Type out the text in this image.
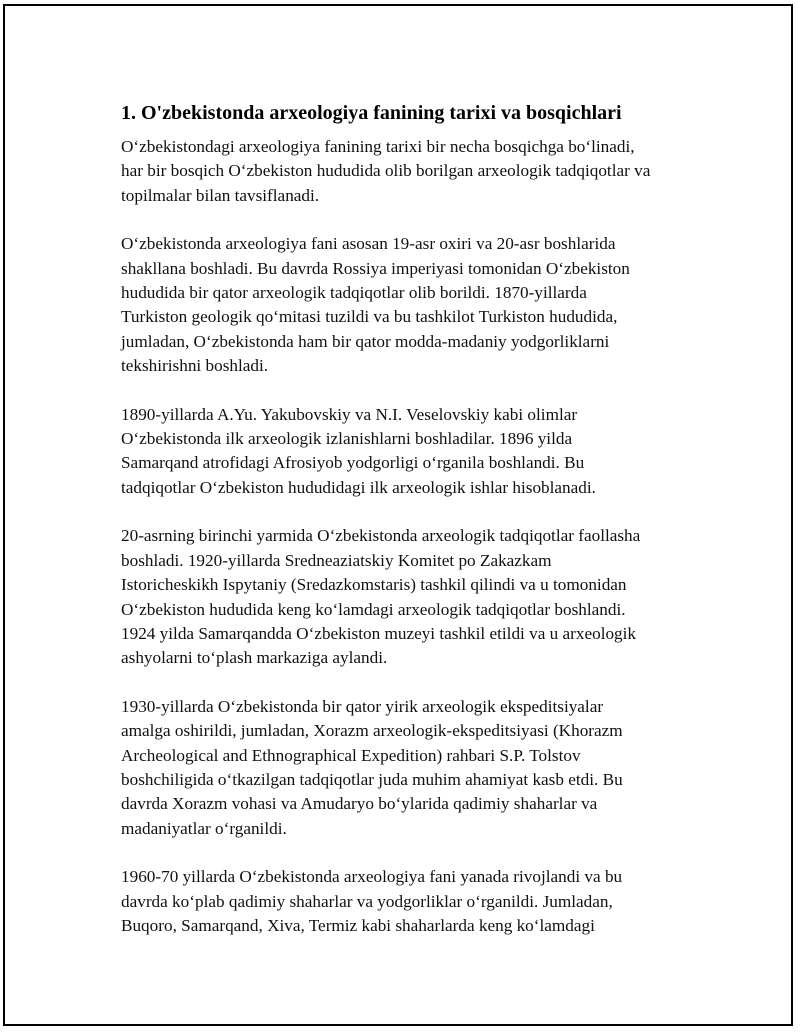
1. O'zbekistonda arxeologiya fanining tarixi va bosqichlari

O‘zbekistondagi arxeologiya fanining tarixi bir necha bosqichga bo‘linadi,
har bir bosqich O‘zbekiston hududida olib borilgan arxeologik tadqiqotlar va
topilmalar bilan tavsiflanadi.

O‘zbekistonda arxeologiya fani asosan 19-asr oxiri va 20-asr boshlarida
shakllana boshladi. Bu davrda Rossiya imperiyasi tomonidan O‘zbekiston
hududida bir qator arxeologik tadqiqotlar olib borildi. 1870-yillarda
Turkiston geologik qo‘mitasi tuzildi va bu tashkilot Turkiston hududida,
jumladan, O‘zbekistonda ham bir qator modda-madaniy yodgorliklarni
tekshirishni boshladi.

1890-yillarda A.Yu. Yakubovskiy va N.I. Veselovskiy kabi olimlar
O‘zbekistonda ilk arxeologik izlanishlarni boshladilar. 1896 yilda
Samarqand atrofidagi Afrosiyob yodgorligi o‘rganila boshlandi. Bu
tadqiqotlar O‘zbekiston hududidagi ilk arxeologik ishlar hisoblanadi.

20-asrning birinchi yarmida O‘zbekistonda arxeologik tadqiqotlar faollasha
boshladi. 1920-yillarda Sredneaziatskiy Komitet po Zakazkam
Istoricheskikh Ispytaniy (Sredazkomstaris) tashkil qilindi va u tomonidan
O‘zbekiston hududida keng ko‘lamdagi arxeologik tadqiqotlar boshlandi.
1924 yilda Samarqandda O‘zbekiston muzeyi tashkil etildi va u arxeologik
ashyolarni to‘plash markaziga aylandi.

1930-yillarda O‘zbekistonda bir qator yirik arxeologik ekspeditsiyalar
amalga oshirildi, jumladan, Xorazm arxeologik-ekspeditsiyasi (Khorazm
Archeological and Ethnographical Expedition) rahbari S.P. Tolstov
boshchiligida o‘tkazilgan tadqiqotlar juda muhim ahamiyat kasb etdi. Bu
davrda Xorazm vohasi va Amudaryo bo‘ylarida qadimiy shaharlar va
madaniyatlar o‘rganildi.

1960-70 yillarda O‘zbekistonda arxeologiya fani yanada rivojlandi va bu
davrda ko‘plab qadimiy shaharlar va yodgorliklar o‘rganildi. Jumladan,
Buqoro, Samarqand, Xiva, Termiz kabi shaharlarda keng ko‘lamdagi
